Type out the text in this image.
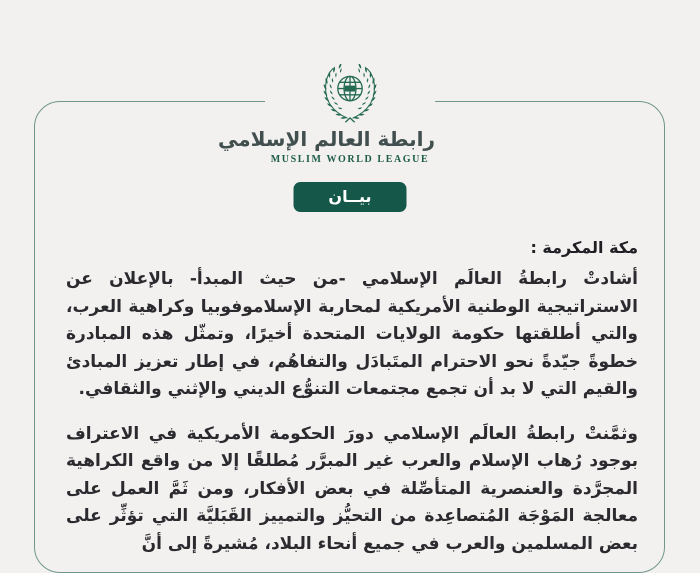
رابطة العالم الإسلامي
MUSLIM WORLD LEAGUE
بيــان
مكة المكرمة :

أشادتْ رابطةُ العالَم الإسلامي -من حيث المبدأ- بالإعلان عن الاستراتيجية الوطنية الأمريكية لمحاربة الإسلاموفوبيا وكراهية العرب، والتي أطلقتها حكومة الولايات المتحدة أخيرًا، وتمثّل هذه المبادرة خطوةً جيّدةً نحو الاحترام المتَبادَل والتفاهُم، في إطار تعزيز المبادئ والقيم التي لا بد أن تجمع مجتمعات التنوُّع الديني والإثني والثقافي.

وثمَّنتْ رابطةُ العالَم الإسلامي دورَ الحكومة الأمريكية في الاعتراف بوجود رُهاب الإسلام والعرب غير المبرَّر مُطلقًا إلا من واقع الكراهية المجرَّدة والعنصرية المتأصِّلة في بعض الأفكار، ومن ثَمَّ العمل على معالجة المَوْجَة المُتصاعِدة من التحيُّز والتمييز القَبَليَّة التي تؤثِّر على بعض المسلمين والعرب في جميع أنحاء البلاد، مُشيرةً إلى أنَّ
